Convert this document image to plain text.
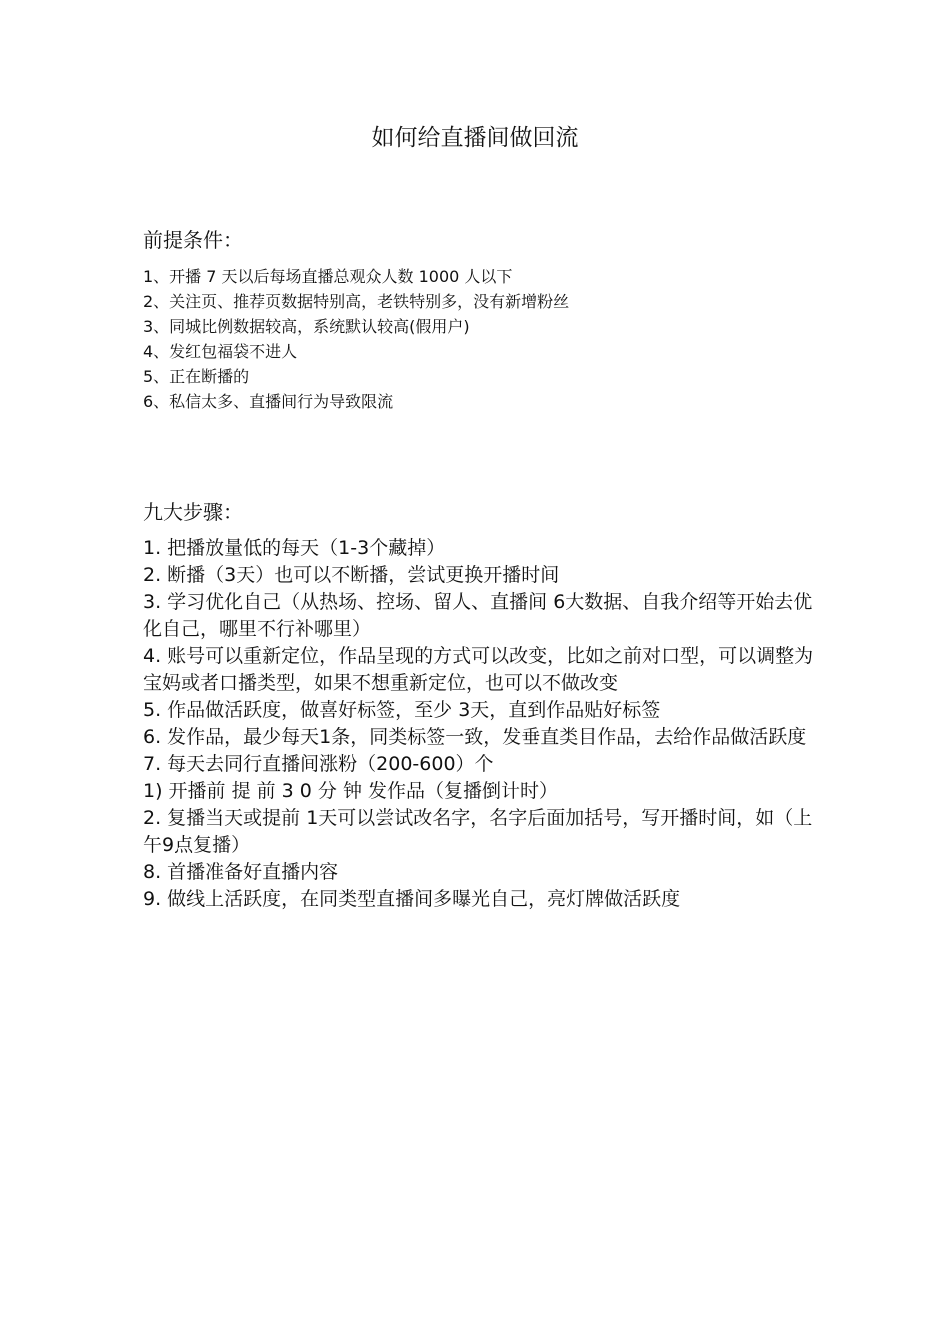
如何给直播间做回流
前提条件：
1、开播 7 天以后每场直播总观众人数 1000 人以下
2、关注页、推荐页数据特别高，老铁特别多，没有新增粉丝
3、同城比例数据较高，系统默认较高(假用户)
4、发红包福袋不进人
5、正在断播的
6、私信太多、直播间行为导致限流
九大步骤：
1. 把播放量低的每天（1-3个藏掉）
2. 断播（3天）也可以不断播，尝试更换开播时间
3. 学习优化自己（从热场、控场、留人、直播间 6大数据、自我介绍等开始去优化自己，哪里不行补哪里）
4. 账号可以重新定位，作品呈现的方式可以改变，比如之前对口型，可以调整为宝妈或者口播类型，如果不想重新定位，也可以不做改变
5. 作品做活跃度，做喜好标签，至少 3天，直到作品贴好标签
6. 发作品，最少每天1条，同类标签一致，发垂直类目作品，去给作品做活跃度
7. 每天去同行直播间涨粉（200-600）个
1) 开播前 提 前 3 0 分 钟 发作品（复播倒计时）
2. 复播当天或提前 1天可以尝试改名字，名字后面加括号，写开播时间，如（上午9点复播）
8. 首播准备好直播内容
9. 做线上活跃度，在同类型直播间多曝光自己，亮灯牌做活跃度
